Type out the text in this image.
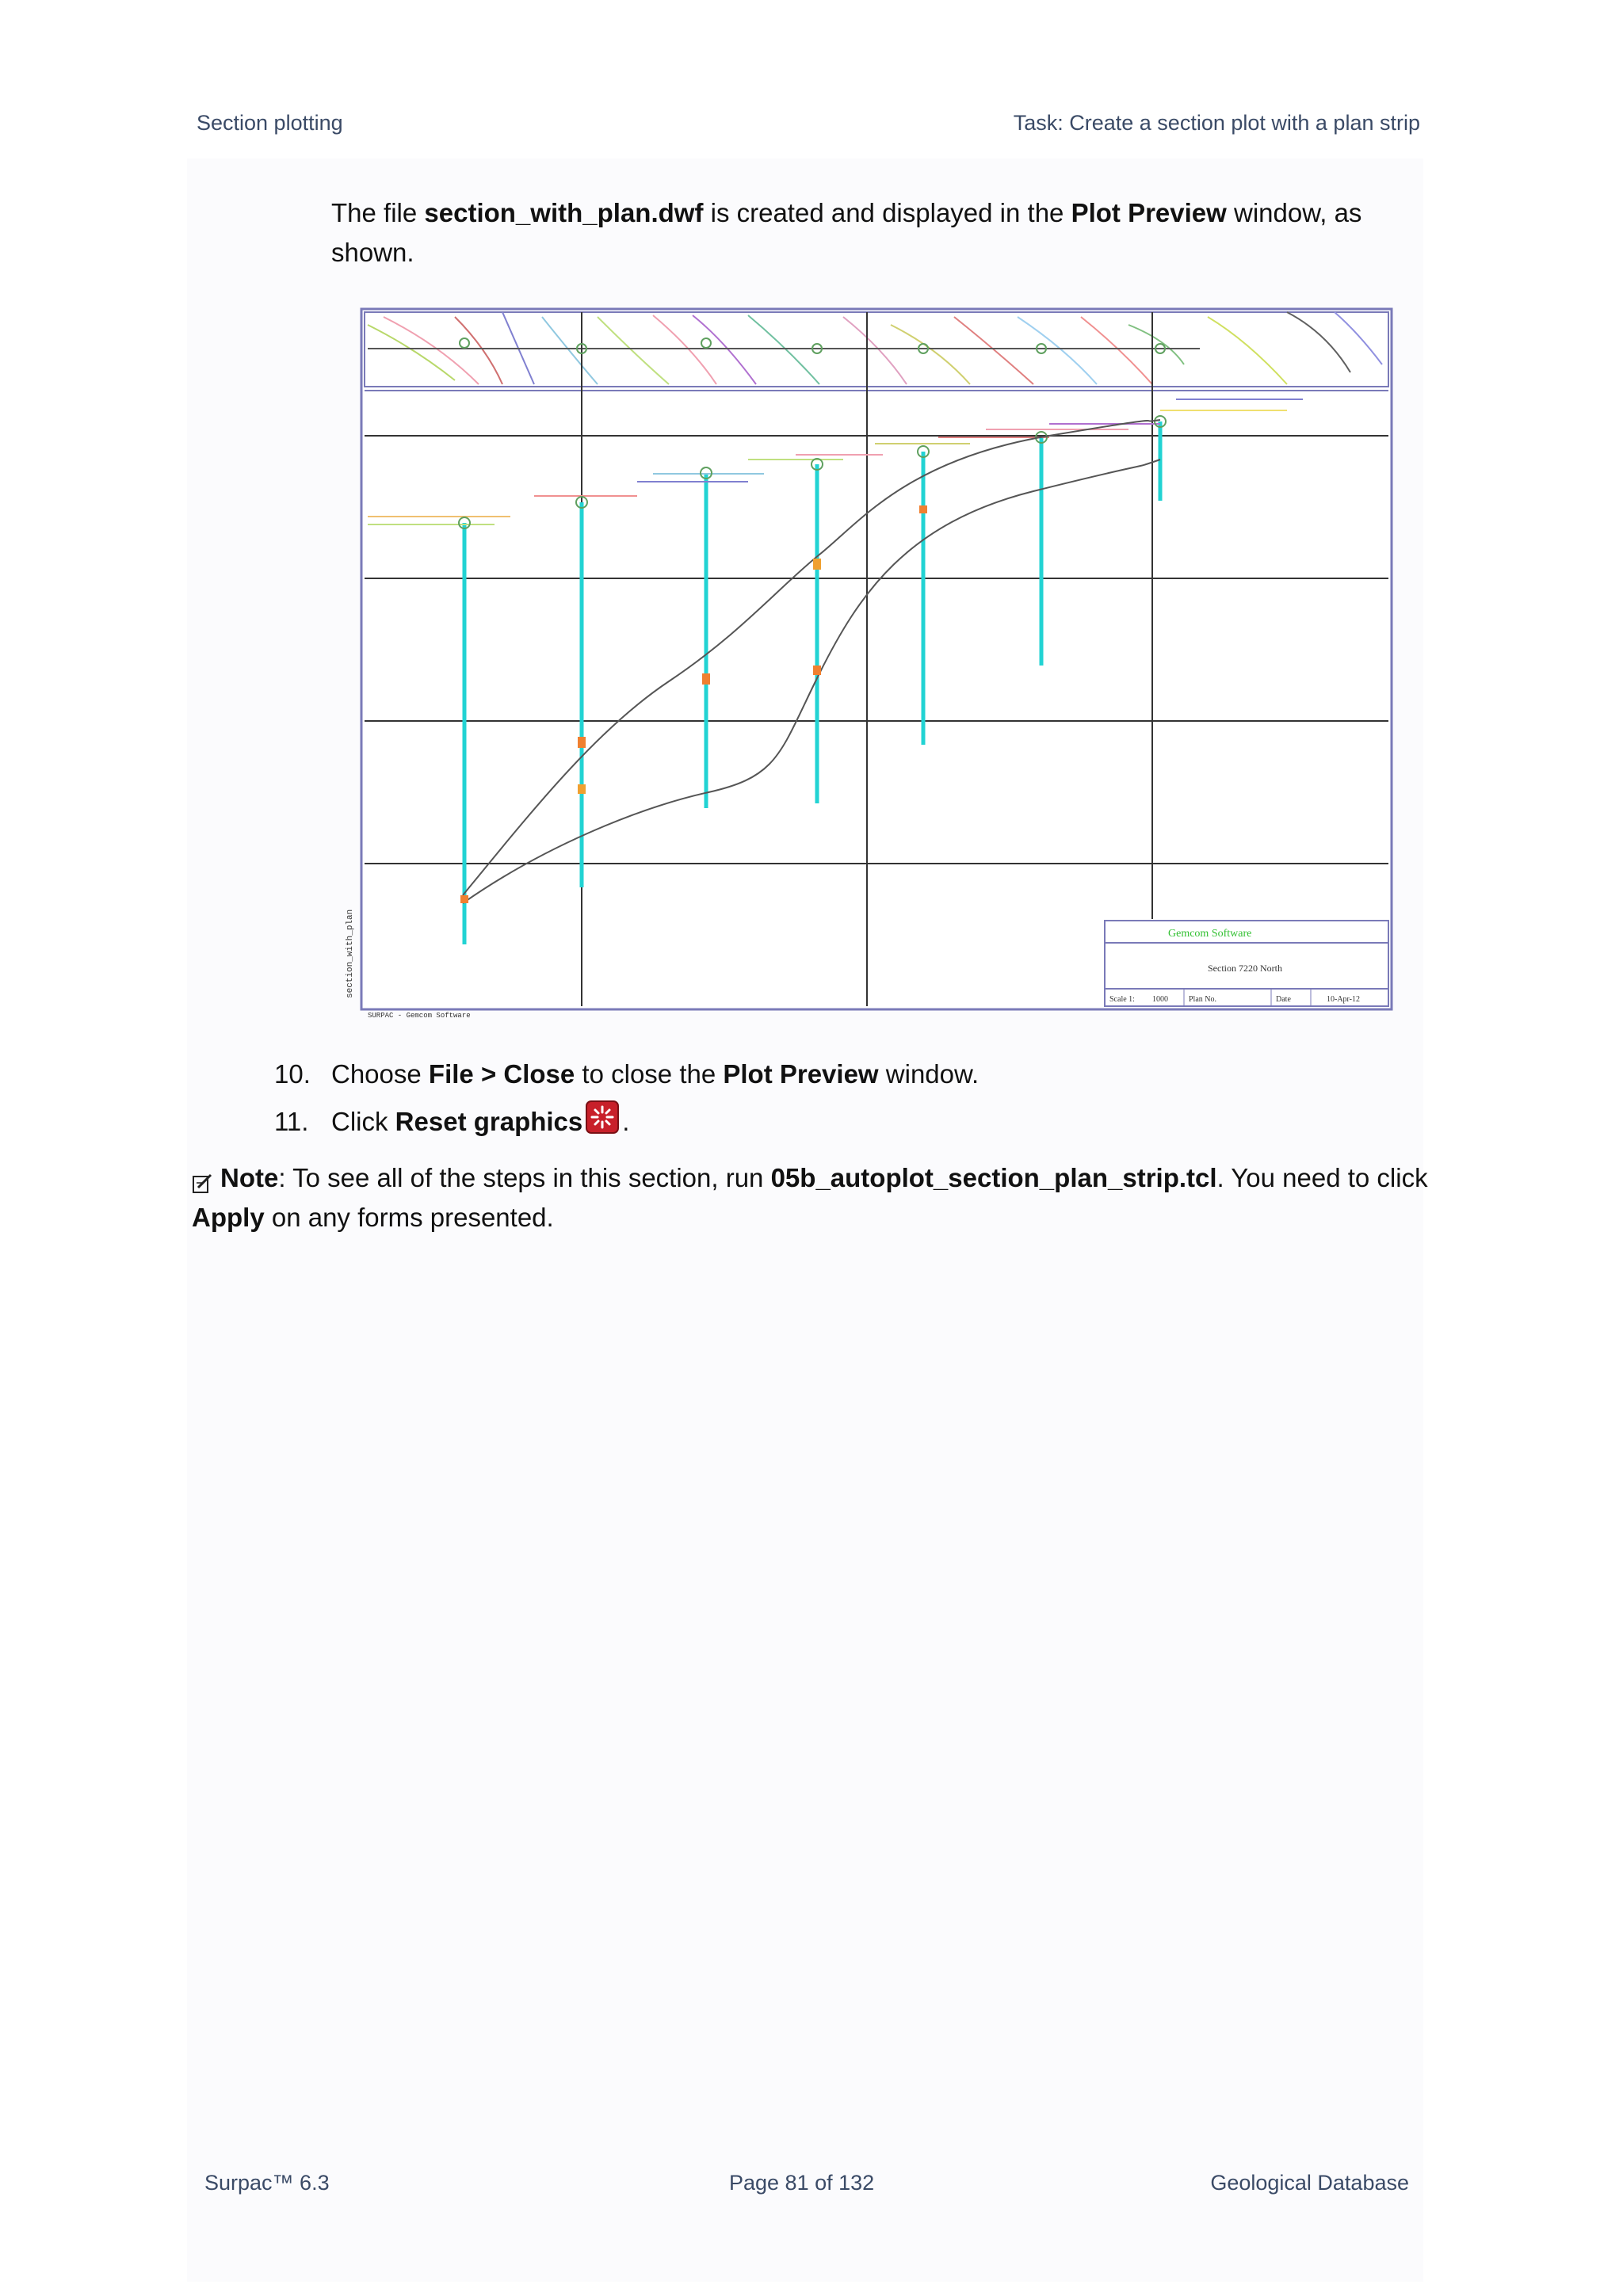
Section plotting	Task: Create a section plot with a plan strip
The file section_with_plan.dwf is created and displayed in the Plot Preview window, as shown.
Gemcom Software
Section 7220 North
Scale 1: 1000	Plan No.	Date	10-Apr-12
section_with_plan
SURPAC - Gemcom Software
10. Choose File > Close to close the Plot Preview window.
11. Click Reset graphics .
Note: To see all of the steps in this section, run 05b_autoplot_section_plan_strip.tcl. You need to click Apply on any forms presented.
Surpac™ 6.3	Page 81 of 132	Geological Database
